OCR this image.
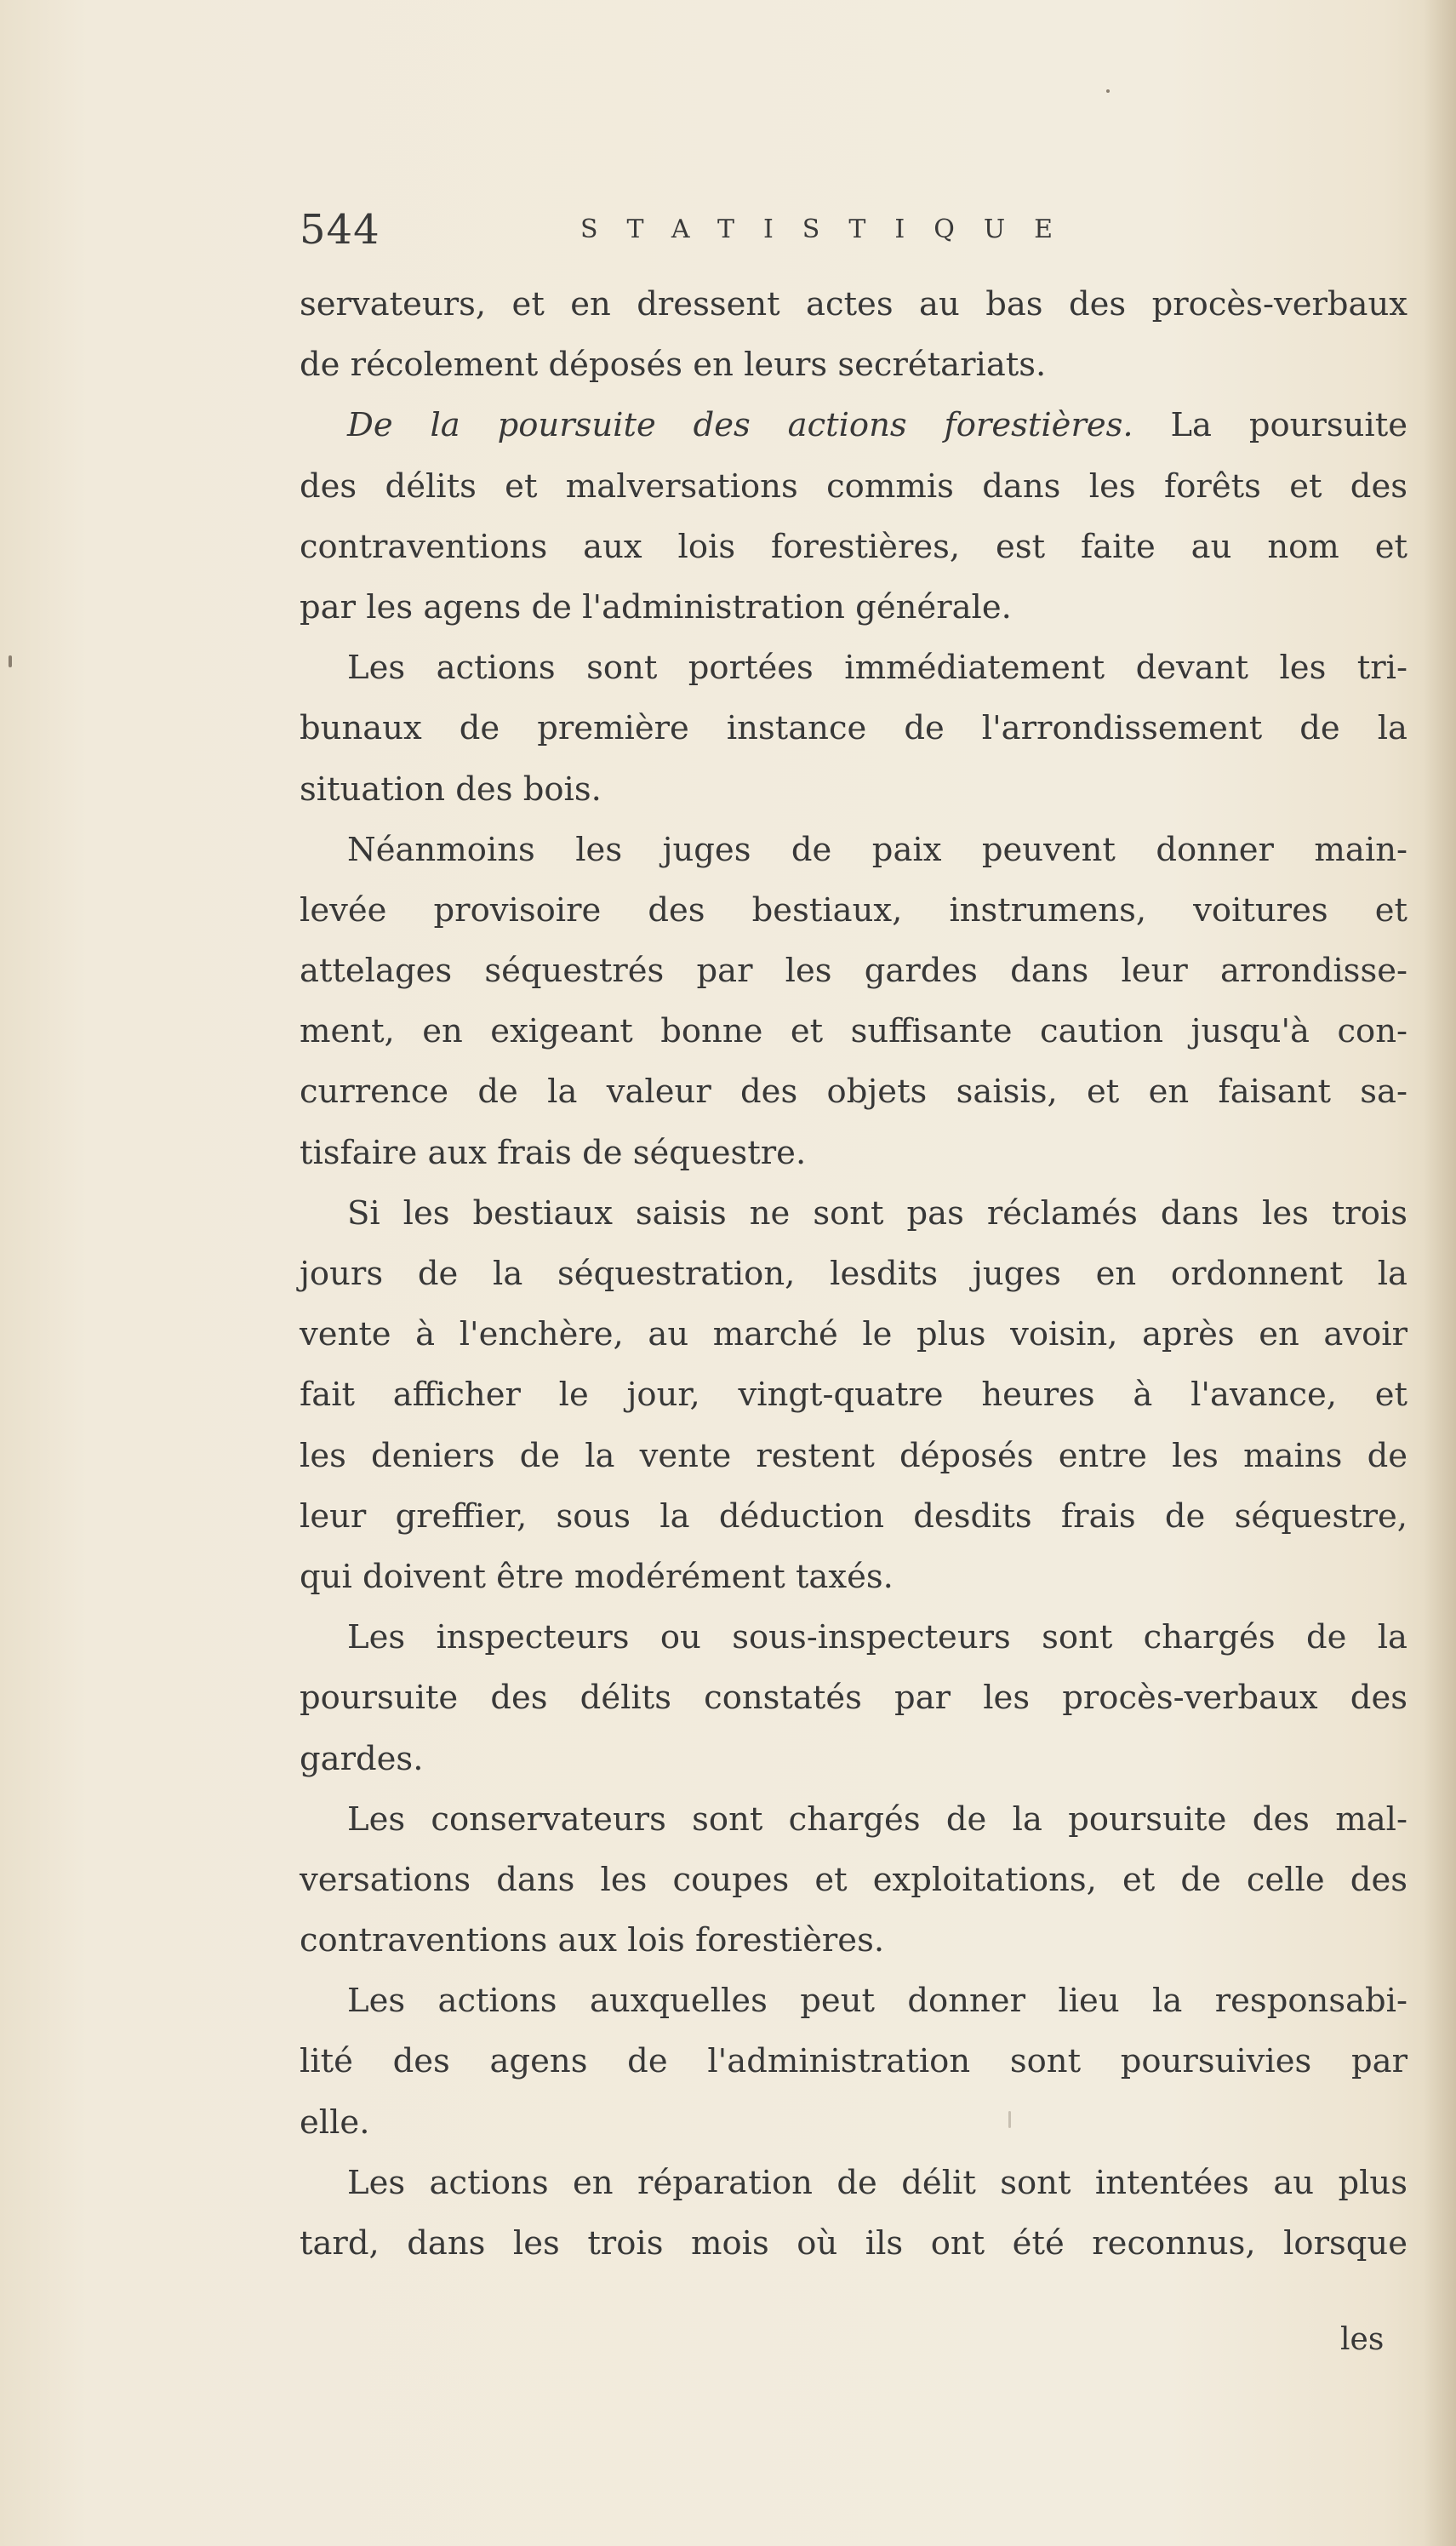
544	STATISTIQUE
servateurs, et en dressent actes au bas des procès-verbaux
de récolement déposés en leurs secrétariats.
De la poursuite des actions forestières. La poursuite
des délits et malversations commis dans les forêts et des
contraventions aux lois forestières, est faite au nom et
par les agens de l'administration générale.
Les actions sont portées immédiatement devant les tri-
bunaux de première instance de l'arrondissement de la
situation des bois.
Néanmoins les juges de paix peuvent donner main-
levée provisoire des bestiaux, instrumens, voitures et
attelages séquestrés par les gardes dans leur arrondisse-
ment, en exigeant bonne et suffisante caution jusqu'à con-
currence de la valeur des objets saisis, et en faisant sa-
tisfaire aux frais de séquestre.
Si les bestiaux saisis ne sont pas réclamés dans les trois
jours de la séquestration, lesdits juges en ordonnent la
vente à l'enchère, au marché le plus voisin, après en avoir
fait afficher le jour, vingt-quatre heures à l'avance, et
les deniers de la vente restent déposés entre les mains de
leur greffier, sous la déduction desdits frais de séquestre,
qui doivent être modérément taxés.
Les inspecteurs ou sous-inspecteurs sont chargés de la
poursuite des délits constatés par les procès-verbaux des
gardes.
Les conservateurs sont chargés de la poursuite des mal-
versations dans les coupes et exploitations, et de celle des
contraventions aux lois forestières.
Les actions auxquelles peut donner lieu la responsabi-
lité des agens de l'administration sont poursuivies par
elle.
Les actions en réparation de délit sont intentées au plus
tard, dans les trois mois où ils ont été reconnus, lorsque
les
